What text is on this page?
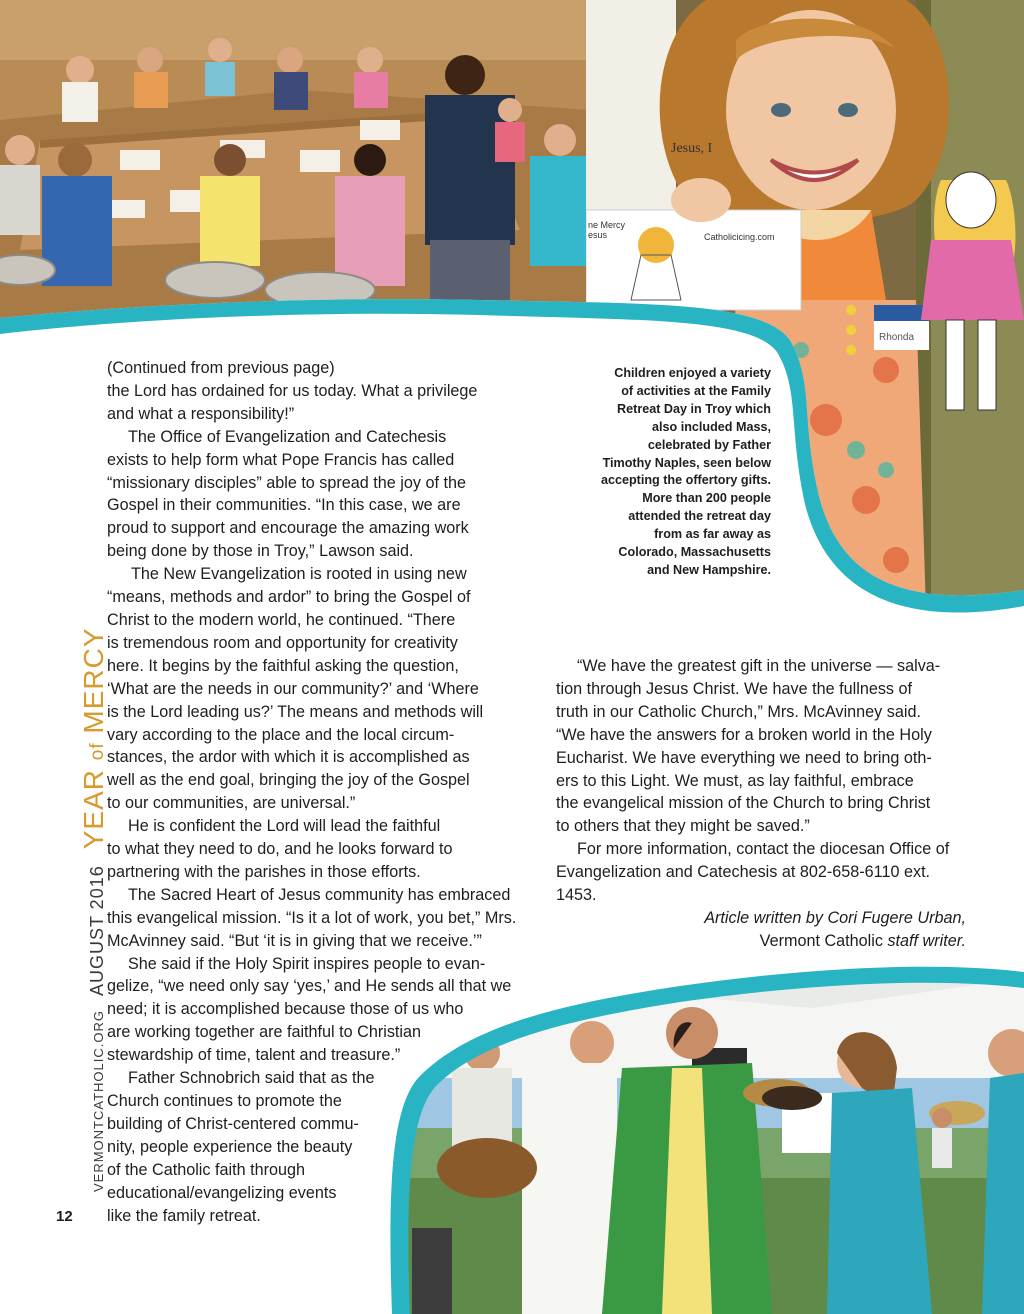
Rhonda
ne Mercy
esus	Catholicicing.com
Jesus, I
VERMONTCATHOLIC.ORG
AUGUST 2016
YEAR of MERCY
12
Children enjoyed a variety
of activities at the Family
Retreat Day in Troy which
also included Mass,
celebrated by Father
Timothy Naples, seen below
accepting the offertory gifts.
More than 200 people
attended the retreat day
from as far away as
Colorado, Massachusetts
and New Hampshire.

(Continued from previous page)

the Lord has ordained for us today. What a privilege

and what a responsibility!”

The Office of Evangelization and Catechesis

exists to help form what Pope Francis has called

“missionary disciples” able to spread the joy of the

Gospel in their communities. “In this case, we are

proud to support and encourage the amazing work

being done by those in Troy,” Lawson said.

The New Evangelization is rooted in using new

“means, methods and ardor” to bring the Gospel of

Christ to the modern world, he continued. “There

is tremendous room and opportunity for creativity

here. It begins by the faithful asking the question,

‘What are the needs in our community?’ and ‘Where

is the Lord leading us?’ The means and methods will

vary according to the place and the local circum-

stances, the ardor with which it is accomplished as

well as the end goal, bringing the joy of the Gospel

to our communities, are universal.”

He is confident the Lord will lead the faithful

to what they need to do, and he looks forward to

partnering with the parishes in those efforts.

The Sacred Heart of Jesus community has embraced

this evangelical mission. “Is it a lot of work, you bet,” Mrs.

McAvinney said. “But ‘it is in giving that we receive.’”

She said if the Holy Spirit inspires people to evan-

gelize, “we need only say ‘yes,’ and He sends all that we

need; it is accomplished because those of us who

are working together are faithful to Christian

stewardship of time, talent and treasure.”

Father Schnobrich said that as the

Church continues to promote the

building of Christ-centered commu-

nity, people experience the beauty

of the Catholic faith through

educational/evangelizing events

like the family retreat.

“We have the greatest gift in the universe — salva-

tion through Jesus Christ. We have the fullness of

truth in our Catholic Church,” Mrs. McAvinney said.

“We have the answers for a broken world in the Holy

Eucharist. We have everything we need to bring oth-

ers to this Light. We must, as lay faithful, embrace

the evangelical mission of the Church to bring Christ

to others that they might be saved.”

For more information, contact the diocesan Office of

Evangelization and Catechesis at 802-658-6110 ext. 1453.

Article written by Cori Fugere Urban,

Vermont Catholic staff writer.
